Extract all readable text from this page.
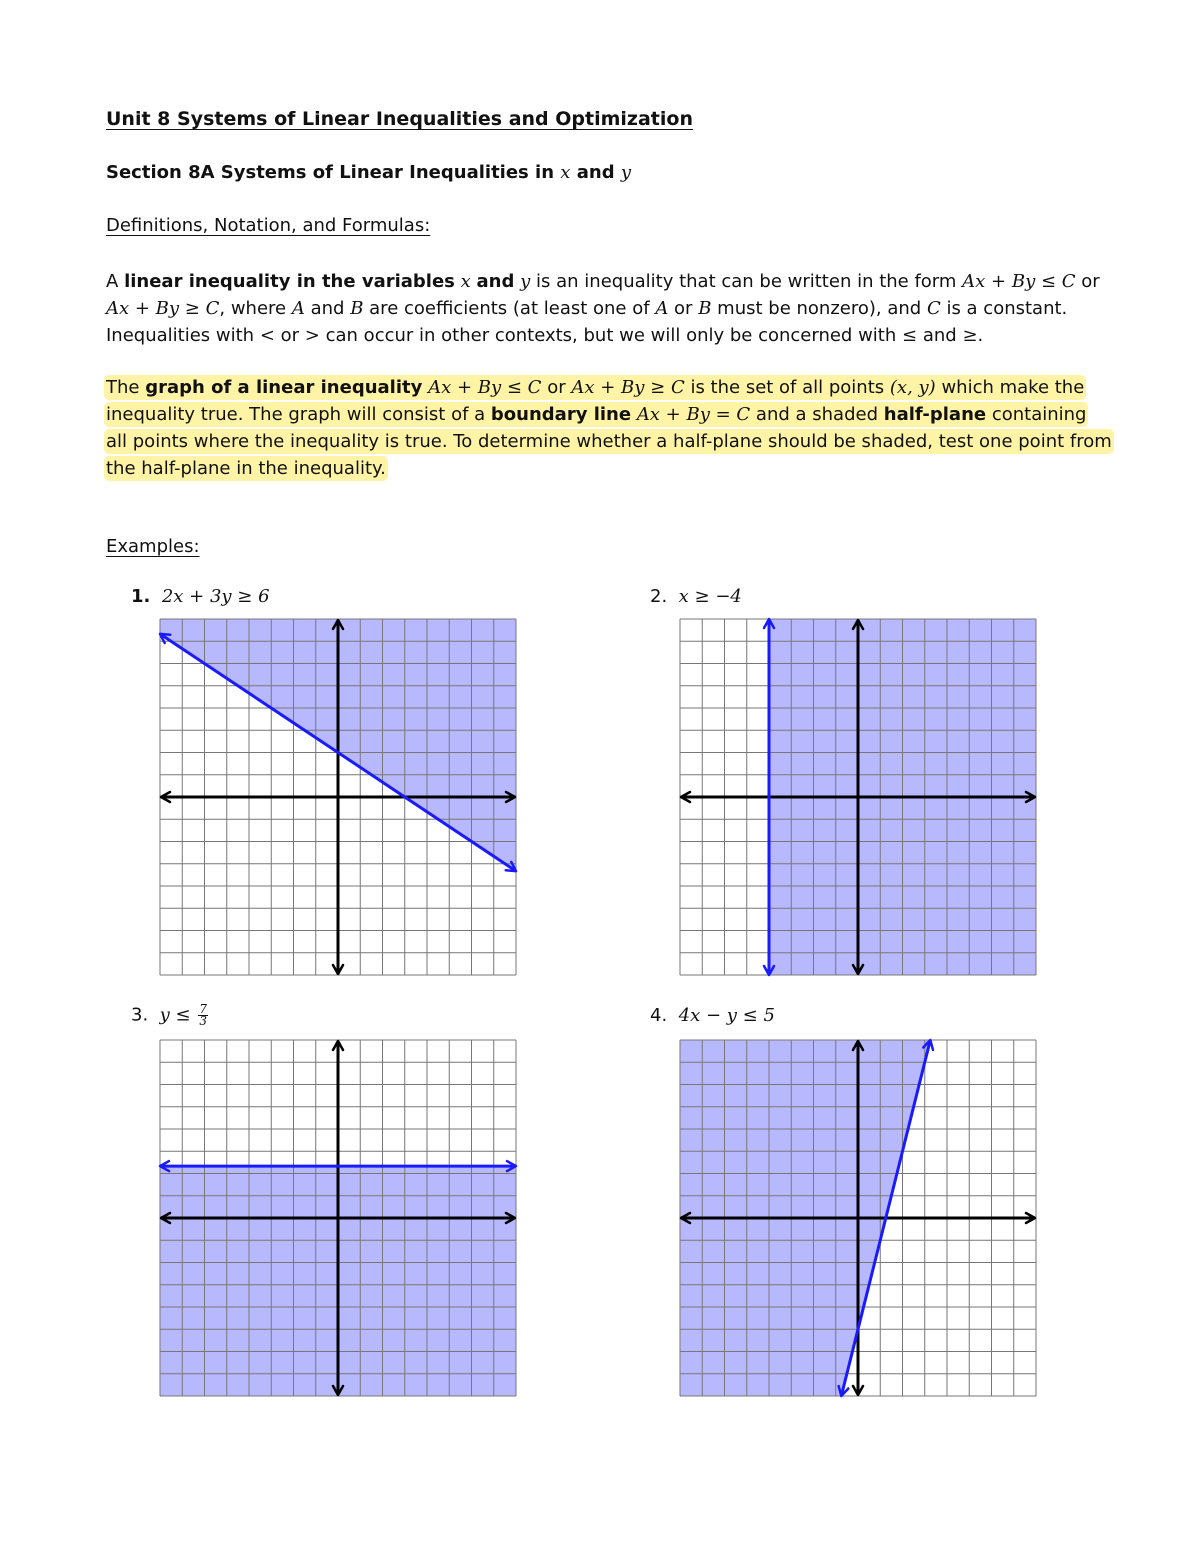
Unit 8 Systems of Linear Inequalities and Optimization
Section 8A Systems of Linear Inequalities in x and y
Definitions, Notation, and Formulas:
A linear inequality in the variables x and y is an inequality that can be written in the form Ax + By ≤ C or
Ax + By ≥ C, where A and B are coefficients (at least one of A or B must be nonzero), and C is a constant.
Inequalities with < or > can occur in other contexts, but we will only be concerned with ≤ and ≥.
The graph of a linear inequality Ax + By ≤ C or Ax + By ≥ C is the set of all points (x, y) which make the
inequality true. The graph will consist of a boundary line Ax + By = C and a shaded half-plane containing
all points where the inequality is true. To determine whether a half-plane should be shaded, test one point from
the half-plane in the inequality.
Examples:
1. 2x + 3y ≥ 6	2. x ≥ −4
3. $y \le \frac{7}{3}$	4. 4x − y ≤ 5
